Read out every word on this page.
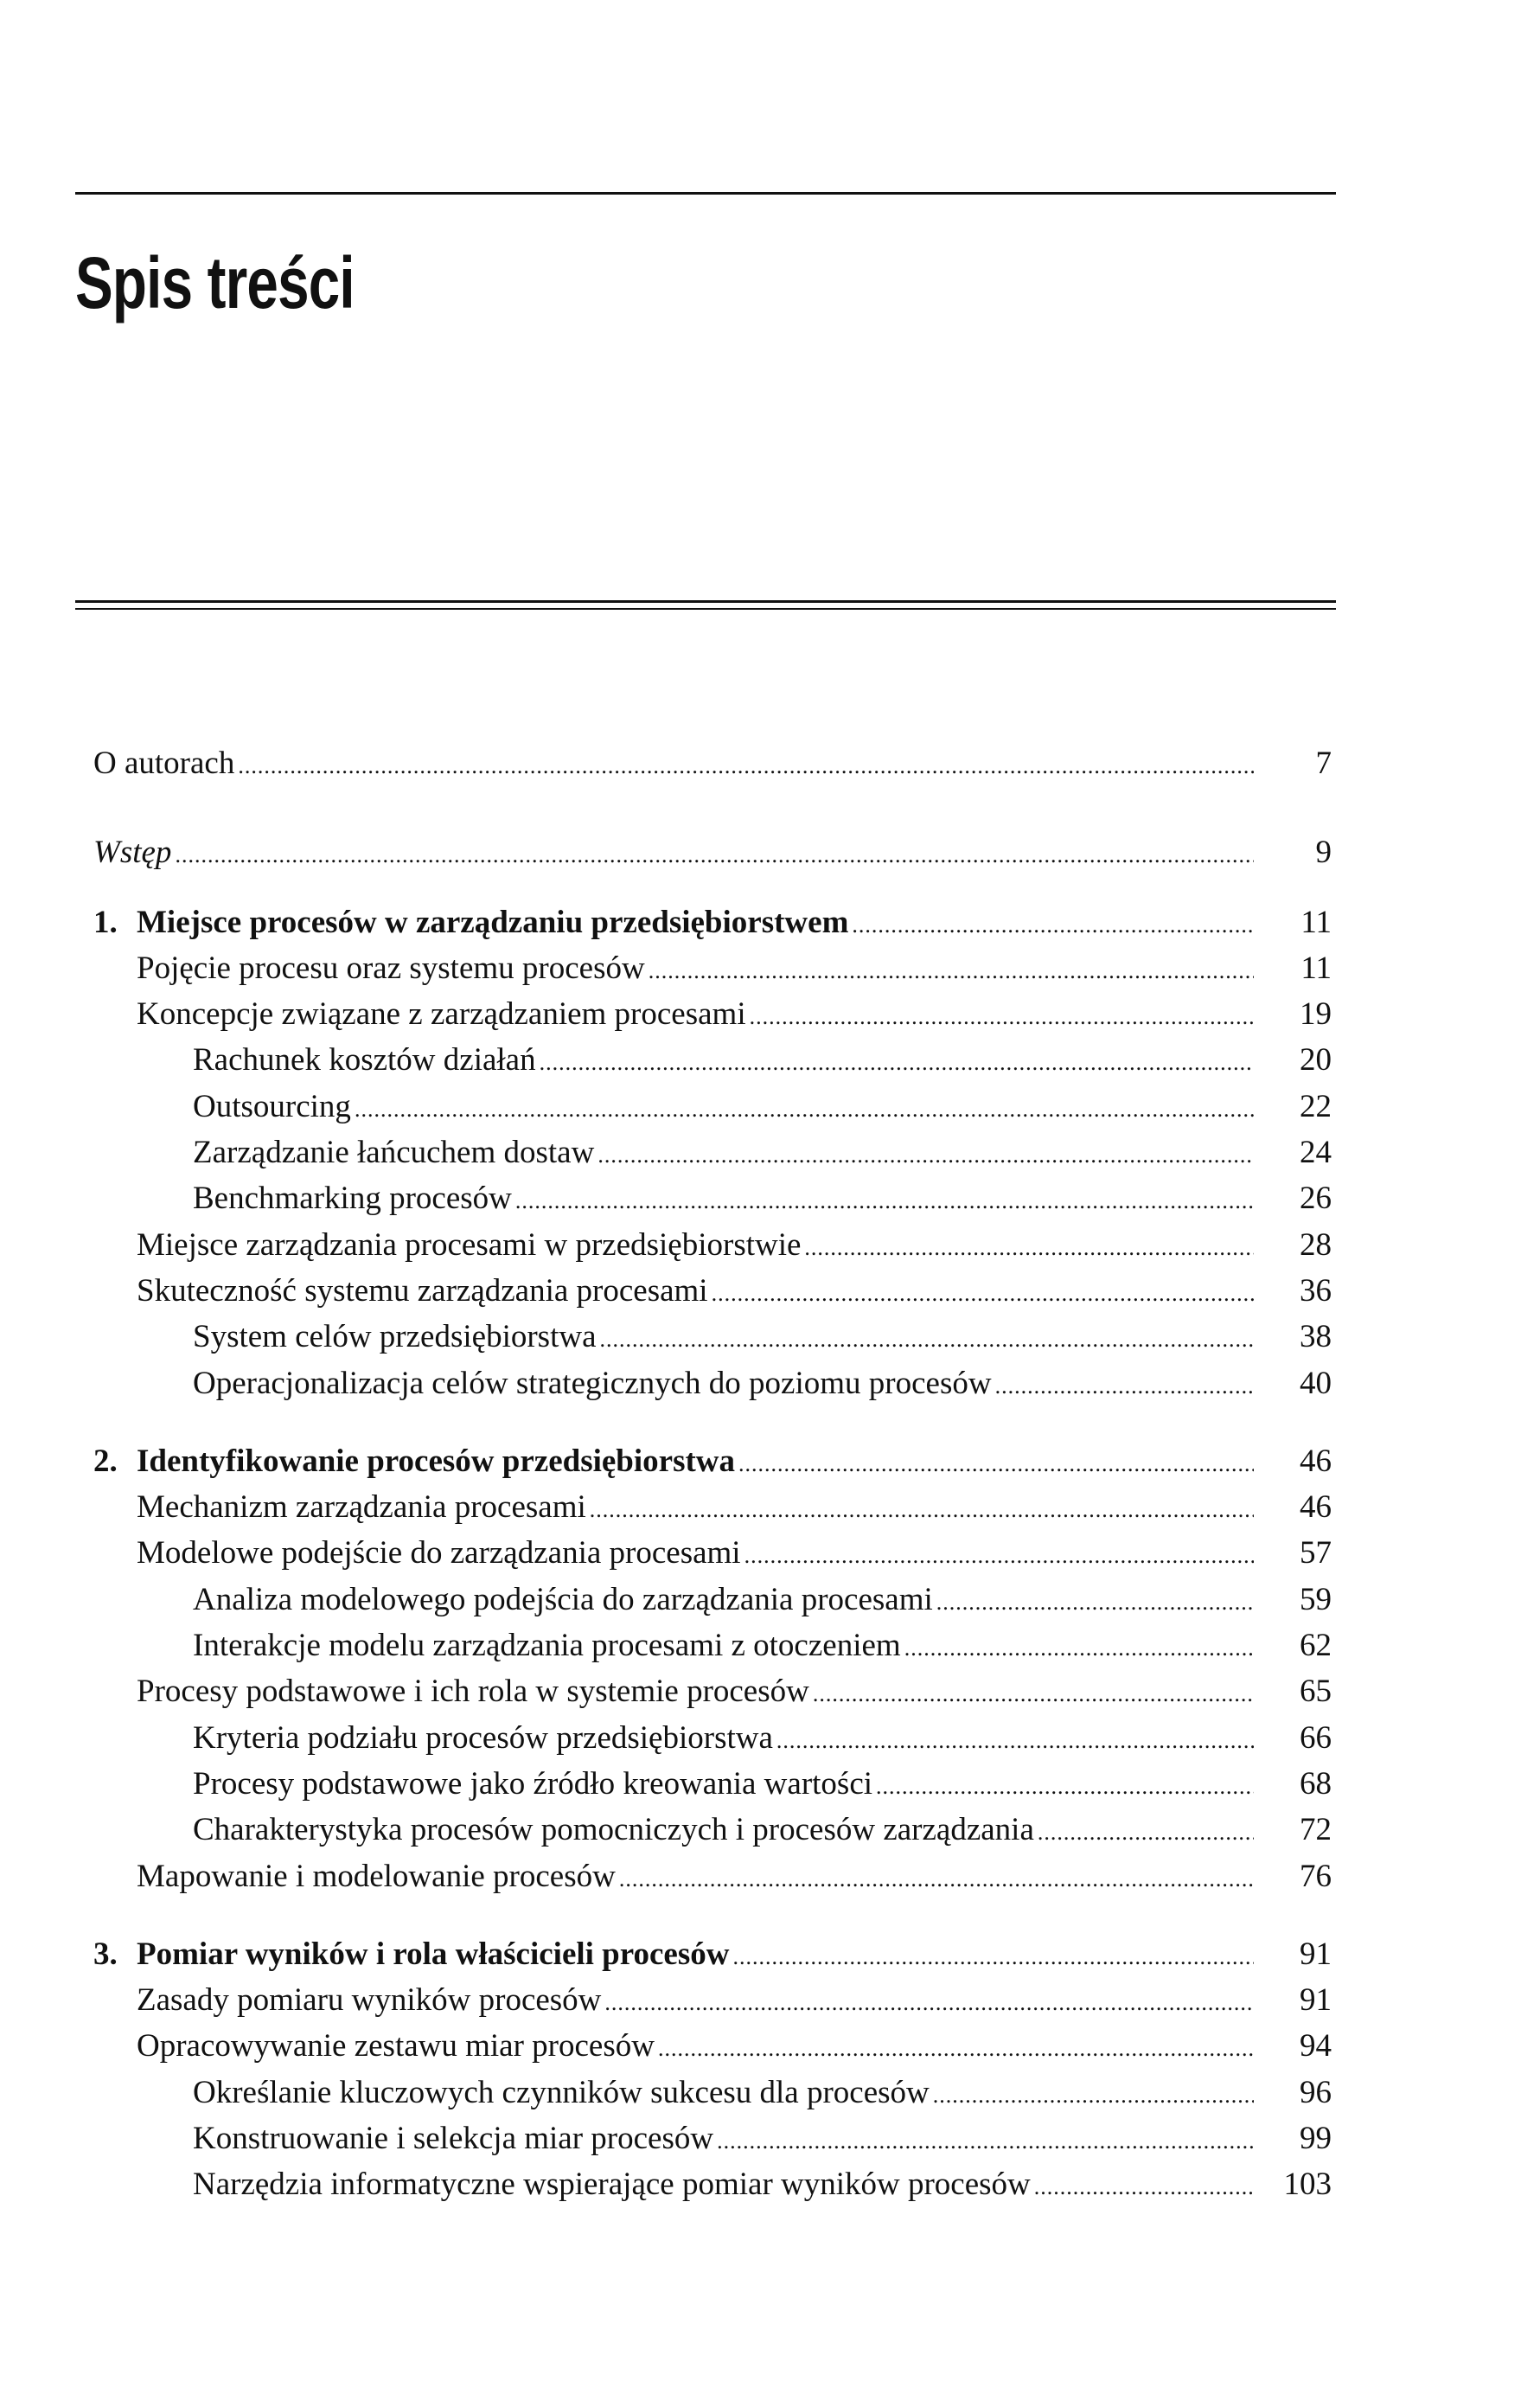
Spis treści
O autorach .....	7
Wstęp .....	9
1. Miejsce procesów w zarządzaniu przedsiębiorstwem .....	11
Pojęcie procesu oraz systemu procesów .....	11
Koncepcje związane z zarządzaniem procesami .....	19
Rachunek kosztów działań .....	20
Outsourcing .....	22
Zarządzanie łańcuchem dostaw .....	24
Benchmarking procesów .....	26
Miejsce zarządzania procesami w przedsiębiorstwie .....	28
Skuteczność systemu zarządzania procesami .....	36
System celów przedsiębiorstwa .....	38
Operacjonalizacja celów strategicznych do poziomu procesów .....	40
2. Identyfikowanie procesów przedsiębiorstwa .....	46
Mechanizm zarządzania procesami .....	46
Modelowe podejście do zarządzania procesami .....	57
Analiza modelowego podejścia do zarządzania procesami .....	59
Interakcje modelu zarządzania procesami z otoczeniem .....	62
Procesy podstawowe i ich rola w systemie procesów .....	65
Kryteria podziału procesów przedsiębiorstwa .....	66
Procesy podstawowe jako źródło kreowania wartości .....	68
Charakterystyka procesów pomocniczych i procesów zarządzania .....	72
Mapowanie i modelowanie procesów .....	76
3. Pomiar wyników i rola właścicieli procesów .....	91
Zasady pomiaru wyników procesów .....	91
Opracowywanie zestawu miar procesów .....	94
Określanie kluczowych czynników sukcesu dla procesów .....	96
Konstruowanie i selekcja miar procesów .....	99
Narzędzia informatyczne wspierające pomiar wyników procesów .....	103
